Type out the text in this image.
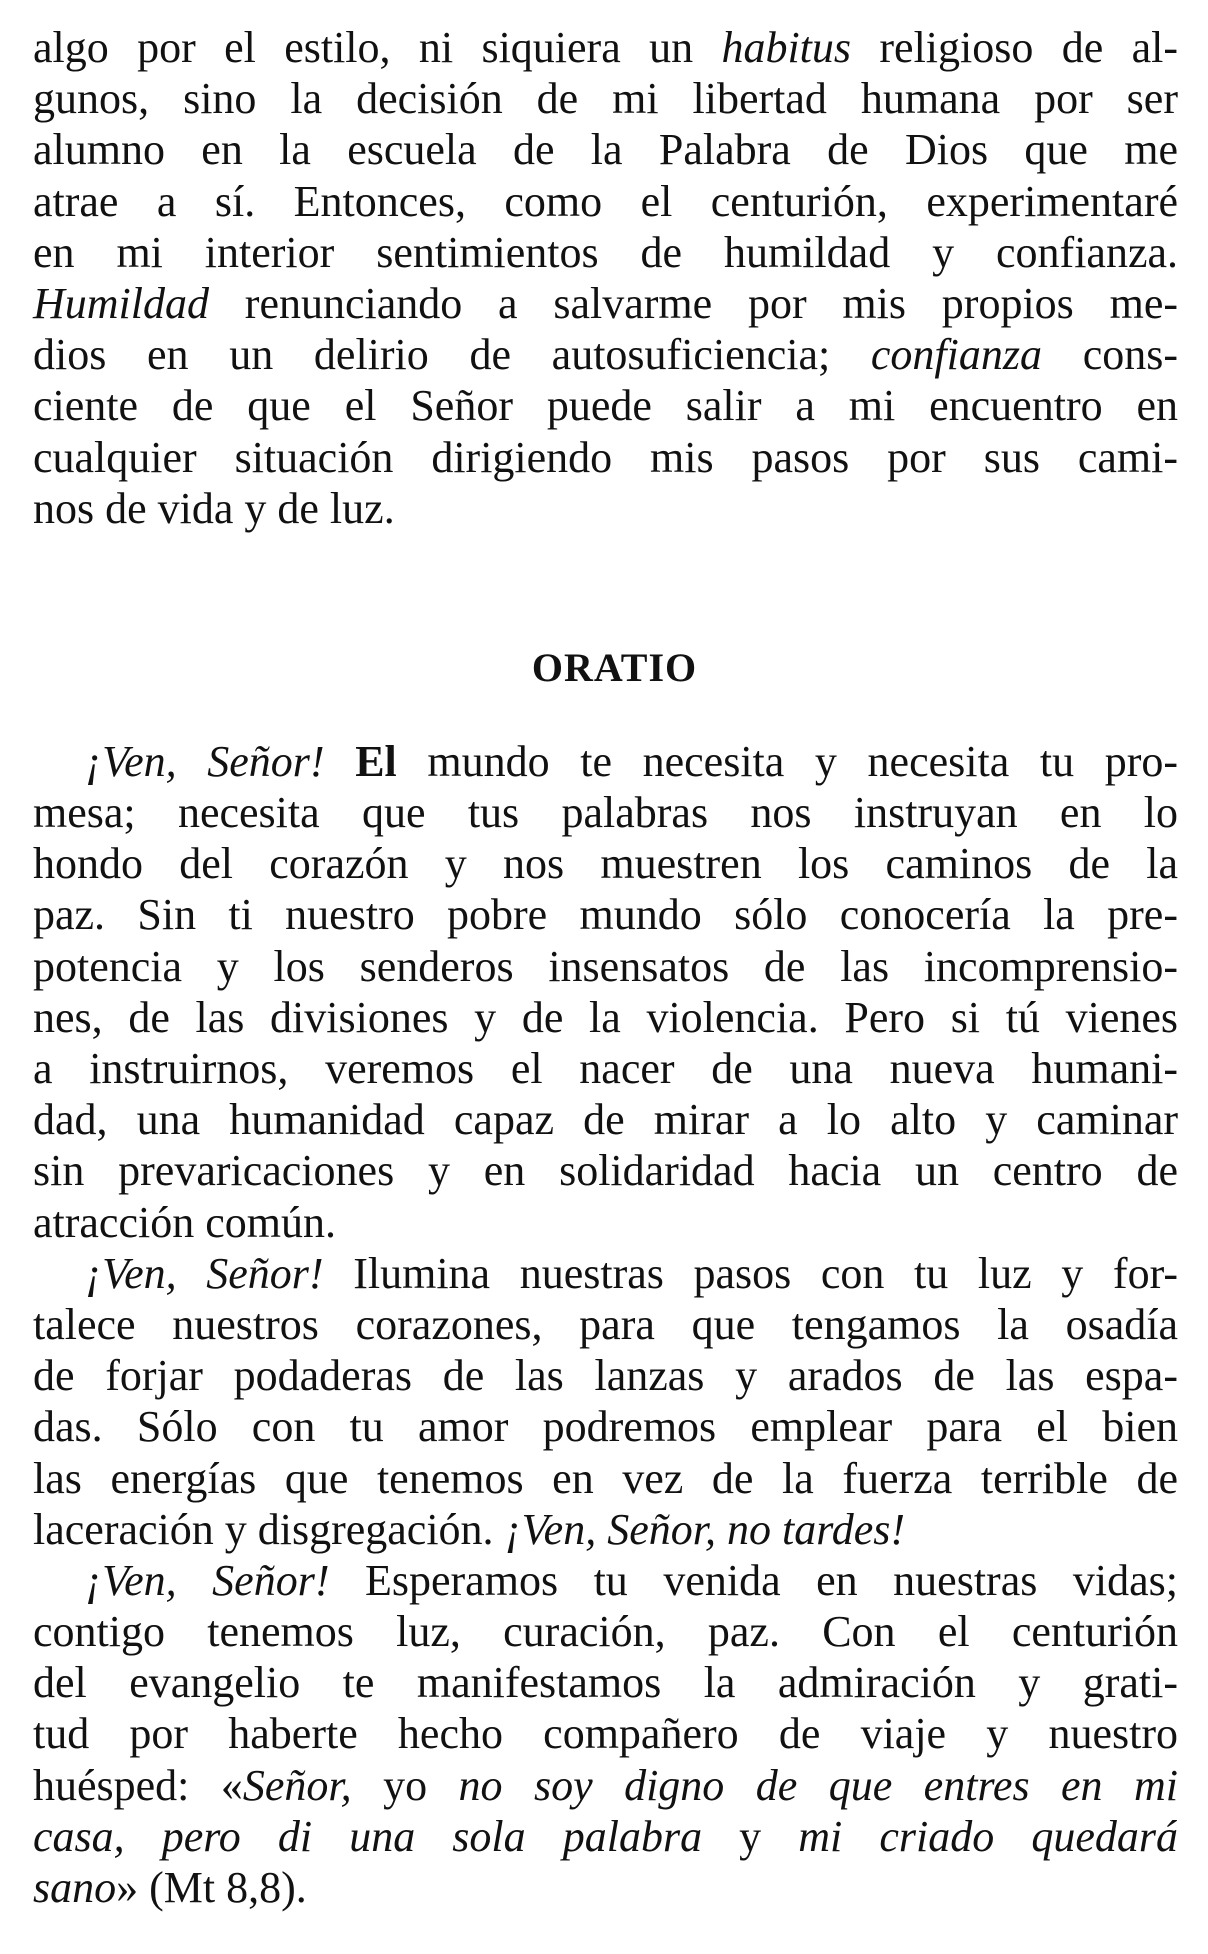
algo por el estilo, ni siquiera un habitus religioso de al-
gunos, sino la decisión de mi libertad humana por ser
alumno en la escuela de la Palabra de Dios que me
atrae a sí. Entonces, como el centurión, experimentaré
en mi interior sentimientos de humildad y confianza.
Humildad renunciando a salvarme por mis propios me-
dios en un delirio de autosuficiencia; confianza cons-
ciente de que el Señor puede salir a mi encuentro en
cualquier situación dirigiendo mis pasos por sus cami-
nos de vida y de luz.
ORATIO
¡Ven, Señor! El mundo te necesita y necesita tu pro-
mesa; necesita que tus palabras nos instruyan en lo
hondo del corazón y nos muestren los caminos de la
paz. Sin ti nuestro pobre mundo sólo conocería la pre-
potencia y los senderos insensatos de las incomprensio-
nes, de las divisiones y de la violencia. Pero si tú vienes
a instruirnos, veremos el nacer de una nueva humani-
dad, una humanidad capaz de mirar a lo alto y caminar
sin prevaricaciones y en solidaridad hacia un centro de
atracción común.
¡Ven, Señor! Ilumina nuestras pasos con tu luz y for-
talece nuestros corazones, para que tengamos la osadía
de forjar podaderas de las lanzas y arados de las espa-
das. Sólo con tu amor podremos emplear para el bien
las energías que tenemos en vez de la fuerza terrible de
laceración y disgregación. ¡Ven, Señor, no tardes!
¡Ven, Señor! Esperamos tu venida en nuestras vidas;
contigo tenemos luz, curación, paz. Con el centurión
del evangelio te manifestamos la admiración y grati-
tud por haberte hecho compañero de viaje y nuestro
huésped: «Señor, yo no soy digno de que entres en mi
casa, pero di una sola palabra y mi criado quedará
sano» (Mt 8,8).
